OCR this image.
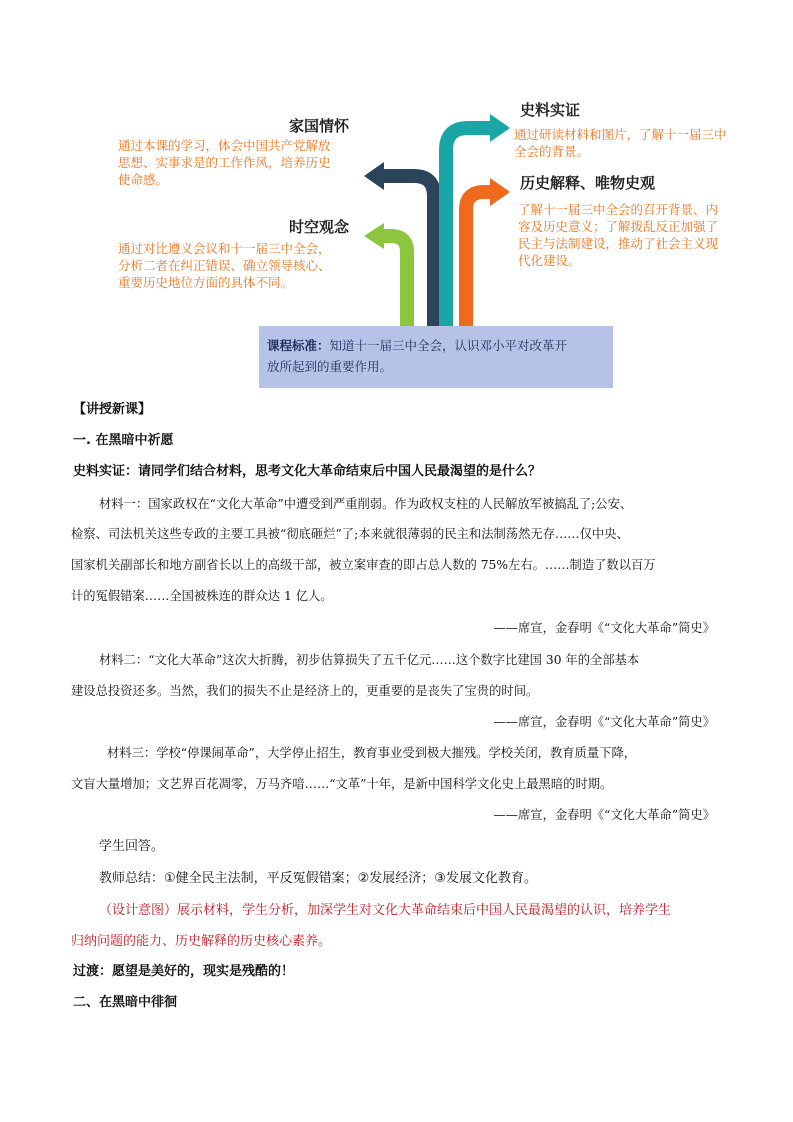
家国情怀
通过本课的学习，体会中国共产党解放
思想、实事求是的工作作风，培养历史
使命感。
时空观念
通过对比遵义会议和十一届三中全会，
分析二者在纠正错误、确立领导核心、
重要历史地位方面的具体不同。
史料实证
通过研读材料和图片，了解十一届三中
全会的背景。
历史解释、唯物史观
了解十一届三中全会的召开背景、内
容及历史意义；了解拨乱反正加强了
民主与法制建设，推动了社会主义现
代化建设。
课程标准：知道十一届三中全会，认识邓小平对改革开
放所起到的重要作用。
【讲授新课】
一. 在黑暗中祈愿
史料实证：请同学们结合材料，思考文化大革命结束后中国人民最渴望的是什么？
材料一：国家政权在“文化大革命”中遭受到严重削弱。作为政权支柱的人民解放军被搞乱了;公安、
检察、司法机关这些专政的主要工具被“彻底砸烂”了;本来就很薄弱的民主和法制荡然无存……仅中央、
国家机关副部长和地方副省长以上的高级干部，被立案审查的即占总人数的 75%左右。……制造了数以百万
计的冤假错案……全国被株连的群众达 1 亿人。
——席宣，金春明《“文化大革命”简史》
材料二：“文化大革命”这次大折腾，初步估算损失了五千亿元……这个数字比建国 30 年的全部基本
建设总投资还多。当然，我们的损失不止是经济上的，更重要的是丧失了宝贵的时间。
——席宣，金春明《“文化大革命”简史》
材料三：学校“停课闹革命”，大学停止招生，教育事业受到极大摧残。学校关闭，教育质量下降，
文盲大量增加；文艺界百花凋零，万马齐喑……“文革”十年，是新中国科学文化史上最黑暗的时期。
——席宣，金春明《“文化大革命”简史》
学生回答。
教师总结：①健全民主法制，平反冤假错案；②发展经济；③发展文化教育。
（设计意图）展示材料，学生分析，加深学生对文化大革命结束后中国人民最渴望的认识，培养学生
归纳问题的能力、历史解释的历史核心素养。
过渡：愿望是美好的，现实是残酷的！
二、在黑暗中徘徊
